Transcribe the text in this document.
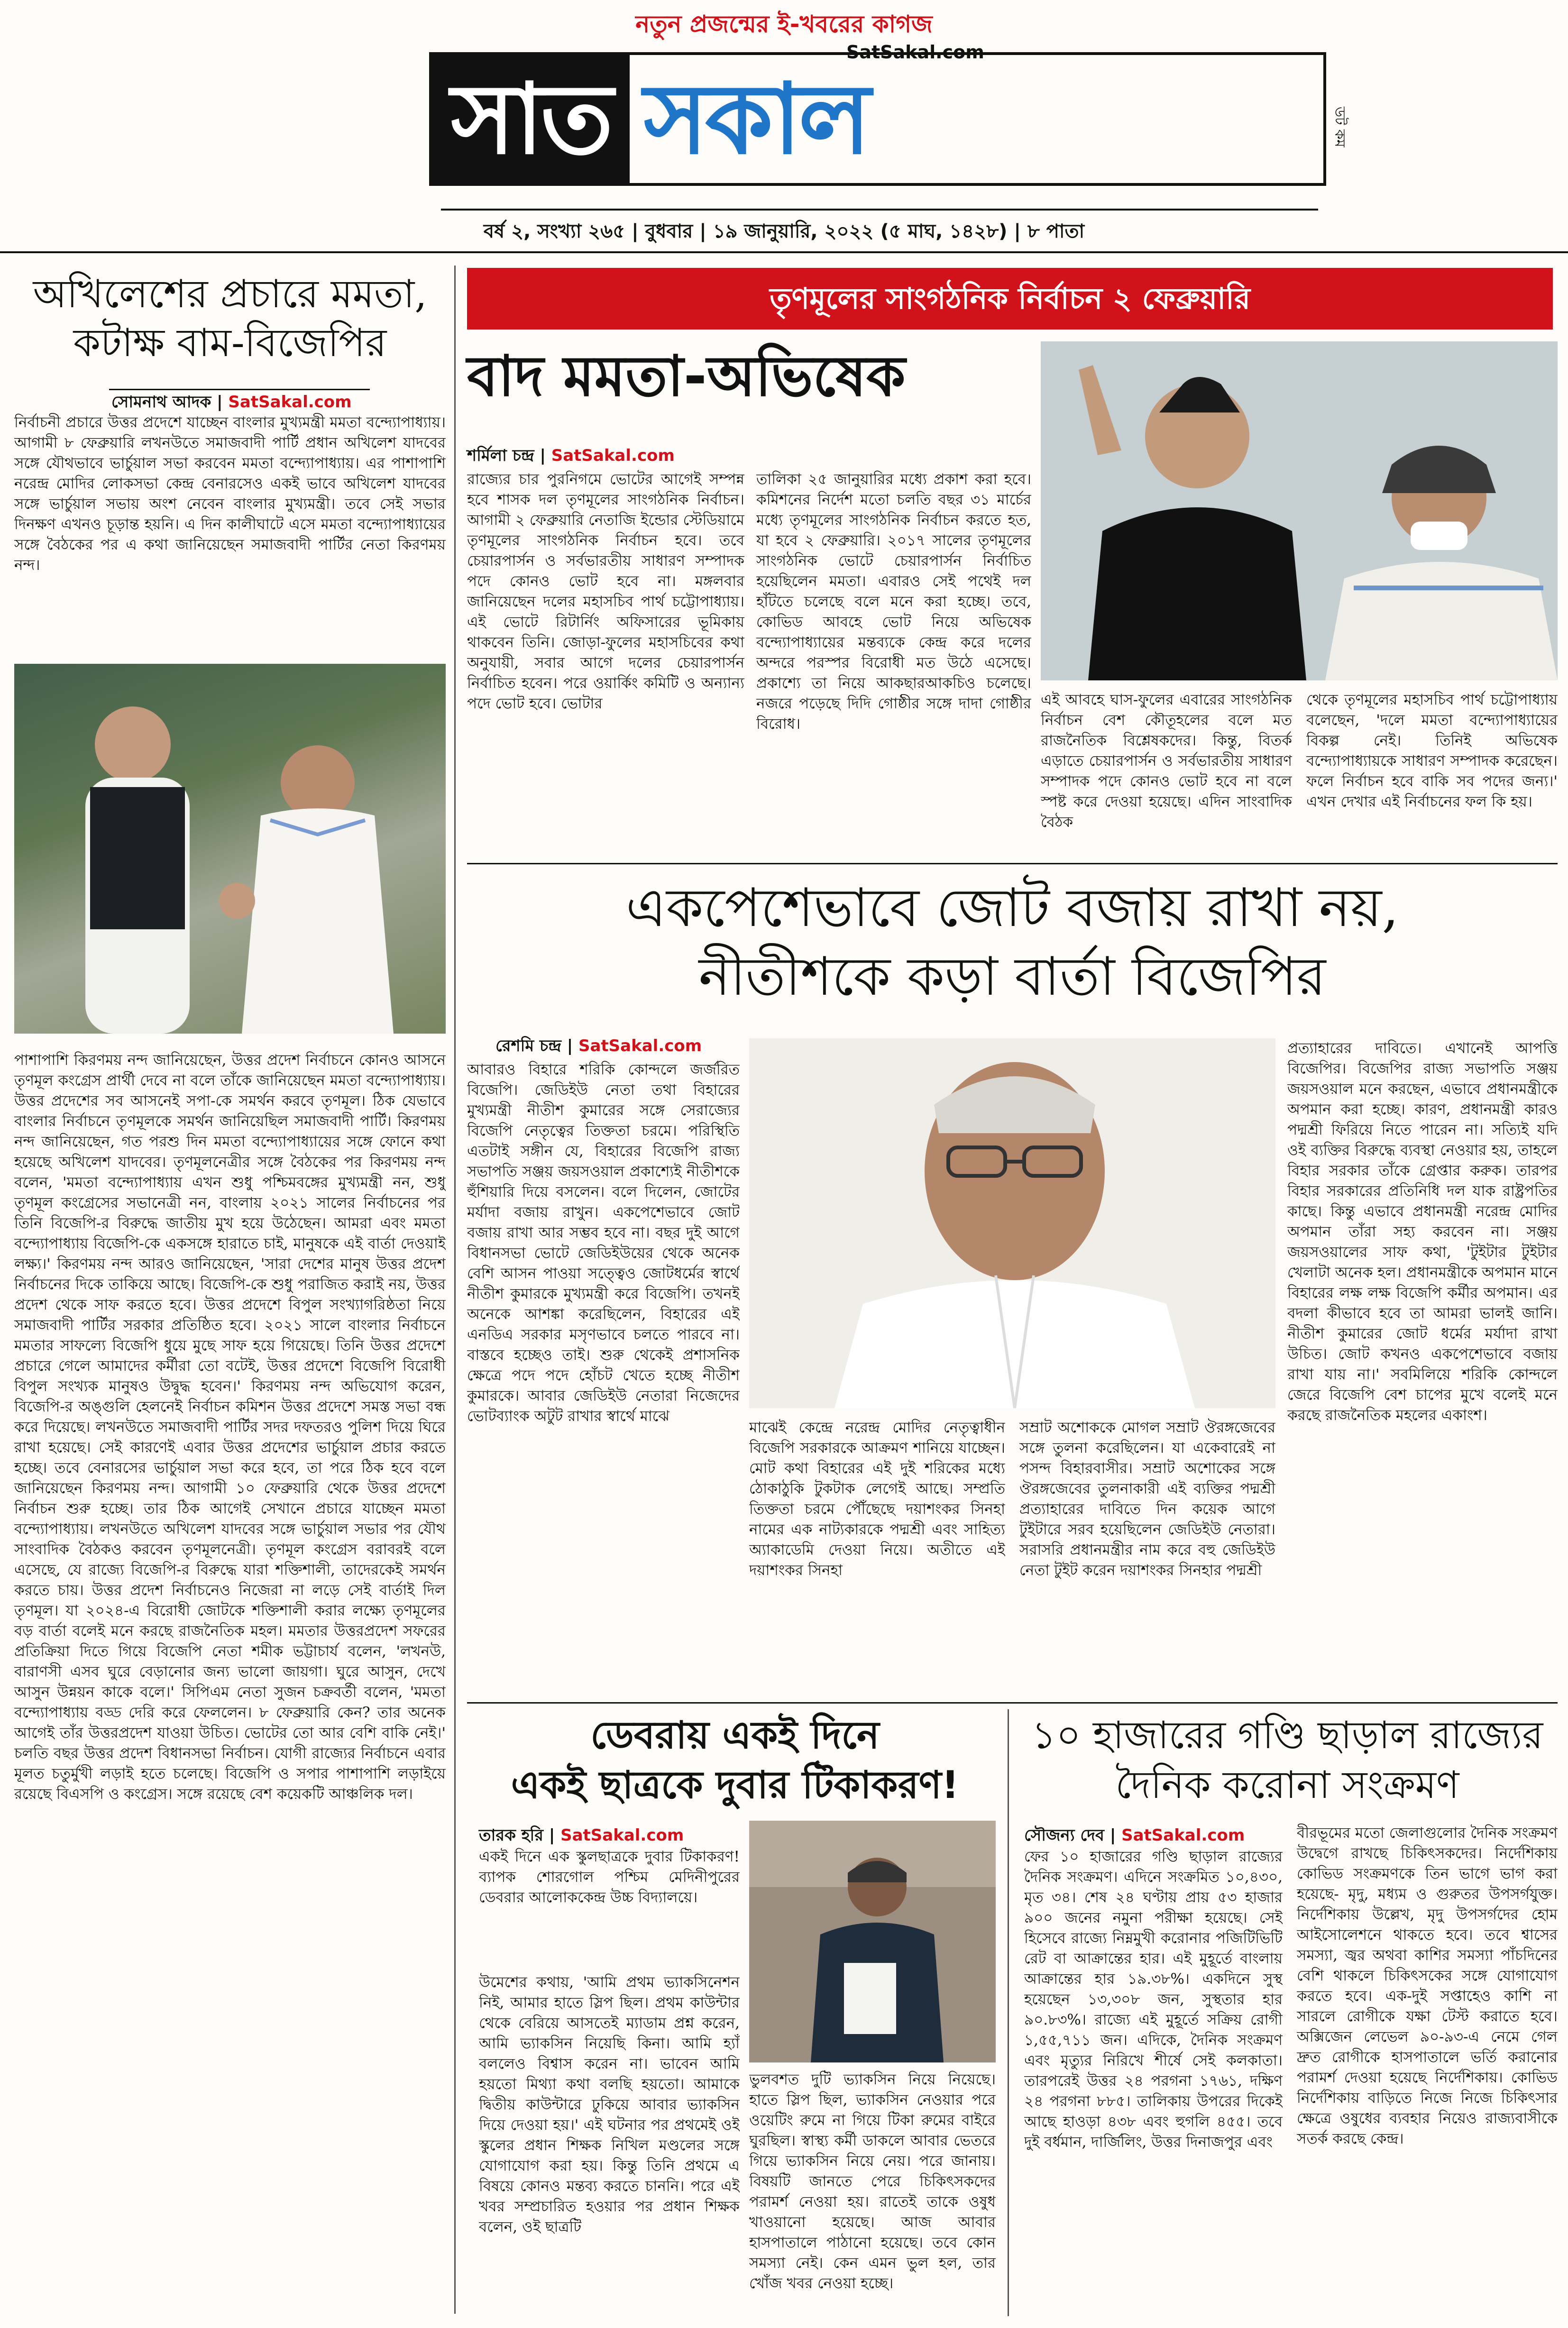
নতুন প্রজন্মের ই-খবরের কাগজ
SatSakal.com
সাত সকাল	ডট কম
বর্ষ ২, সংখ্যা ২৬৫ | বুধবার | ১৯ জানুয়ারি, ২০২২ (৫ মাঘ, ১৪২৮) | ৮ পাতা
অখিলেশের প্রচারে মমতা, কটাক্ষ বাম-বিজেপির
সোমনাথ আদক | SatSakal.com
নির্বাচনী প্রচারে উত্তর প্রদেশে যাচ্ছেন বাংলার মুখ্যমন্ত্রী মমতা বন্দ্যোপাধ্যায়। আগামী ৮ ফেব্রুয়ারি লখনউতে সমাজবাদী পার্টি প্রধান অখিলেশ যাদবের সঙ্গে যৌথভাবে ভার্চুয়াল সভা করবেন মমতা বন্দ্যোপাধ্যায়। এর পাশাপাশি নরেন্দ্র মোদির লোকসভা কেন্দ্র বেনারসেও একই ভাবে অখিলেশ যাদবের সঙ্গে ভার্চুয়াল সভায় অংশ নেবেন বাংলার মুখ্যমন্ত্রী। তবে সেই সভার দিনক্ষণ এখনও চূড়ান্ত হয়নি। এ দিন কালীঘাটে এসে মমতা বন্দ্যোপাধ্যায়ের সঙ্গে বৈঠকের পর এ কথা জানিয়েছেন সমাজবাদী পার্টির নেতা কিরণময় নন্দ।
পাশাপাশি কিরণময় নন্দ জানিয়েছেন, উত্তর প্রদেশ নির্বাচনে কোনও আসনে তৃণমূল কংগ্রেস প্রার্থী দেবে না বলে তাঁকে জানিয়েছেন মমতা বন্দ্যোপাধ্যায়। উত্তর প্রদেশের সব আসনেই সপা-কে সমর্থন করবে তৃণমূল। ঠিক যেভাবে বাংলার নির্বাচনে তৃণমূলকে সমর্থন জানিয়েছিল সমাজবাদী পার্টি। কিরণময় নন্দ জানিয়েছেন, গত পরশু দিন মমতা বন্দ্যোপাধ্যায়ের সঙ্গে ফোনে কথা হয়েছে অখিলেশ যাদবের। তৃণমূলনেত্রীর সঙ্গে বৈঠকের পর কিরণময় নন্দ বলেন, 'মমতা বন্দ্যোপাধ্যায় এখন শুধু পশ্চিমবঙ্গের মুখ্যমন্ত্রী নন, শুধু তৃণমূল কংগ্রেসের সভানেত্রী নন, বাংলায় ২০২১ সালের নির্বাচনের পর তিনি বিজেপি-র বিরুদ্ধে জাতীয় মুখ হয়ে উঠেছেন। আমরা এবং মমতা বন্দ্যোপাধ্যায় বিজেপি-কে একসঙ্গে হারাতে চাই, মানুষকে এই বার্তা দেওয়াই লক্ষ্য।' কিরণময় নন্দ আরও জানিয়েছেন, 'সারা দেশের মানুষ উত্তর প্রদেশ নির্বাচনের দিকে তাকিয়ে আছে। বিজেপি-কে শুধু পরাজিত করাই নয়, উত্তর প্রদেশ থেকে সাফ করতে হবে। উত্তর প্রদেশে বিপুল সংখ্যাগরিষ্ঠতা নিয়ে সমাজবাদী পার্টির সরকার প্রতিষ্ঠিত হবে। ২০২১ সালে বাংলার নির্বাচনে মমতার সাফল্যে বিজেপি ধুয়ে মুছে সাফ হয়ে গিয়েছে। তিনি উত্তর প্রদেশে প্রচারে গেলে আমাদের কর্মীরা তো বটেই, উত্তর প্রদেশে বিজেপি বিরোধী বিপুল সংখ্যক মানুষও উদ্বুদ্ধ হবেন।' কিরণময় নন্দ অভিযোগ করেন, বিজেপি-র অঙ্গুলি হেলনেই নির্বাচন কমিশন উত্তর প্রদেশে সমস্ত সভা বন্ধ করে দিয়েছে। লখনউতে সমাজবাদী পার্টির সদর দফতরও পুলিশ দিয়ে ঘিরে রাখা হয়েছে। সেই কারণেই এবার উত্তর প্রদেশের ভার্চুয়াল প্রচার করতে হচ্ছে। তবে বেনারসের ভার্চুয়াল সভা করে হবে, তা পরে ঠিক হবে বলে জানিয়েছেন কিরণময় নন্দ। আগামী ১০ ফেব্রুয়ারি থেকে উত্তর প্রদেশে নির্বাচন শুরু হচ্ছে। তার ঠিক আগেই সেখানে প্রচারে যাচ্ছেন মমতা বন্দ্যোপাধ্যায়। লখনউতে অখিলেশ যাদবের সঙ্গে ভার্চুয়াল সভার পর যৌথ সাংবাদিক বৈঠকও করবেন তৃণমূলনেত্রী। তৃণমূল কংগ্রেস বরাবরই বলে এসেছে, যে রাজ্যে বিজেপি-র বিরুদ্ধে যারা শক্তিশালী, তাদেরকেই সমর্থন করতে চায়। উত্তর প্রদেশ নির্বাচনেও নিজেরা না লড়ে সেই বার্তাই দিল তৃণমূল। যা ২০২৪-এ বিরোধী জোটকে শক্তিশালী করার লক্ষ্যে তৃণমূলের বড় বার্তা বলেই মনে করছে রাজনৈতিক মহল। মমতার উত্তরপ্রদেশ সফরের প্রতিক্রিয়া দিতে গিয়ে বিজেপি নেতা শমীক ভট্টাচার্য বলেন, 'লখনউ, বারাণসী এসব ঘুরে বেড়ানোর জন্য ভালো জায়গা। ঘুরে আসুন, দেখে আসুন উন্নয়ন কাকে বলে।' সিপিএম নেতা সুজন চক্রবর্তী বলেন, 'মমতা বন্দ্যোপাধ্যায় বড্ড দেরি করে ফেললেন। ৮ ফেব্রুয়ারি কেন? তার অনেক আগেই তাঁর উত্তরপ্রদেশ যাওয়া উচিত। ভোটের তো আর বেশি বাকি নেই।' চলতি বছর উত্তর প্রদেশ বিধানসভা নির্বাচন। যোগী রাজ্যের নির্বাচনে এবার মূলত চতুর্মুখী লড়াই হতে চলেছে। বিজেপি ও সপার পাশাপাশি লড়াইয়ে রয়েছে বিএসপি ও কংগ্রেস। সঙ্গে রয়েছে বেশ কয়েকটি আঞ্চলিক দল।
তৃণমূলের সাংগঠনিক নির্বাচন ২ ফেব্রুয়ারি
বাদ মমতা-অভিষেক
শর্মিলা চন্দ্র | SatSakal.com
রাজ্যের চার পুরনিগমে ভোটের আগেই সম্পন্ন হবে শাসক দল তৃণমূলের সাংগঠনিক নির্বাচন। আগামী ২ ফেব্রুয়ারি নেতাজি ইন্ডোর স্টেডিয়ামে তৃণমূলের সাংগঠনিক নির্বাচন হবে। তবে চেয়ারপার্সন ও সর্বভারতীয় সাধারণ সম্পাদক পদে কোনও ভোট হবে না। মঙ্গলবার জানিয়েছেন দলের মহাসচিব পার্থ চট্টোপাধ্যায়। এই ভোটে রিটার্নিং অফিসারের ভূমিকায় থাকবেন তিনি। জোড়া-ফুলের মহাসচিবের কথা অনুযায়ী, সবার আগে দলের চেয়ারপার্সন নির্বাচিত হবেন। পরে ওয়ার্কিং কমিটি ও অন্যান্য পদে ভোট হবে। ভোটার
তালিকা ২৫ জানুয়ারির মধ্যে প্রকাশ করা হবে। কমিশনের নির্দেশ মতো চলতি বছর ৩১ মার্চের মধ্যে তৃণমূলের সাংগঠনিক নির্বাচন করতে হত, যা হবে ২ ফেব্রুয়ারি। ২০১৭ সালের তৃণমূলের সাংগঠনিক ভোটে চেয়ারপার্সন নির্বাচিত হয়েছিলেন মমতা। এবারও সেই পথেই দল হাঁটতে চলেছে বলে মনে করা হচ্ছে। তবে, কোভিড আবহে ভোট নিয়ে অভিষেক বন্দ্যোপাধ্যায়ের মন্তব্যকে কেন্দ্র করে দলের অন্দরে পরস্পর বিরোধী মত উঠে এসেছে। প্রকাশ্যে তা নিয়ে আকছারআকচিও চলেছে। নজরে পড়েছে দিদি গোষ্ঠীর সঙ্গে দাদা গোষ্ঠীর বিরোধ।
এই আবহে ঘাস-ফুলের এবারের সাংগঠনিক নির্বাচন বেশ কৌতূহলের বলে মত রাজনৈতিক বিশ্লেষকদের। কিন্তু, বিতর্ক এড়াতে চেয়ারপার্সন ও সর্বভারতীয় সাধারণ সম্পাদক পদে কোনও ভোট হবে না বলে স্পষ্ট করে দেওয়া হয়েছে। এদিন সাংবাদিক বৈঠক
থেকে তৃণমূলের মহাসচিব পার্থ চট্টোপাধ্যায় বলেছেন, 'দলে মমতা বন্দ্যোপাধ্যায়ের বিকল্প নেই। তিনিই অভিষেক বন্দ্যোপাধ্যায়কে সাধারণ সম্পাদক করেছেন। ফলে নির্বাচন হবে বাকি সব পদের জন্য।' এখন দেখার এই নির্বাচনের ফল কি হয়।
একপেশেভাবে জোট বজায় রাখা নয়,
নীতীশকে কড়া বার্তা বিজেপির
রেশমি চন্দ্র | SatSakal.com
আবারও বিহারে শরিকি কোন্দলে জর্জরিত বিজেপি। জেডিইউ নেতা তথা বিহারের মুখ্যমন্ত্রী নীতীশ কুমারের সঙ্গে সেরাজ্যের বিজেপি নেতৃত্বের তিক্ততা চরমে। পরিস্থিতি এতটাই সঙ্গীন যে, বিহারের বিজেপি রাজ্য সভাপতি সঞ্জয় জয়সওয়াল প্রকাশ্যেই নীতীশকে হুঁশিয়ারি দিয়ে বসলেন। বলে দিলেন, জোটের মর্যাদা বজায় রাখুন। একপেশেভাবে জোট বজায় রাখা আর সম্ভব হবে না। বছর দুই আগে বিধানসভা ভোটে জেডিইউয়ের থেকে অনেক বেশি আসন পাওয়া সত্ত্বেও জোটধর্মের স্বার্থে নীতীশ কুমারকে মুখ্যমন্ত্রী করে বিজেপি। তখনই অনেকে আশঙ্কা করেছিলেন, বিহারের এই এনডিএ সরকার মসৃণভাবে চলতে পারবে না। বাস্তবে হচ্ছেও তাই। শুরু থেকেই প্রশাসনিক ক্ষেত্রে পদে পদে হোঁচট খেতে হচ্ছে নীতীশ কুমারকে। আবার জেডিইউ নেতারা নিজেদের ভোটব্যাংক অটুট রাখার স্বার্থে মাঝে
মাঝেই কেন্দ্রে নরেন্দ্র মোদির নেতৃত্বাধীন বিজেপি সরকারকে আক্রমণ শানিয়ে যাচ্ছেন। মোট কথা বিহারের এই দুই শরিকের মধ্যে ঠোকাঠুকি টুকটাক লেগেই আছে। সম্প্রতি তিক্ততা চরমে পৌঁছেছে দয়াশংকর সিনহা নামের এক নাট্যকারকে পদ্মশ্রী এবং সাহিত্য অ্যাকাডেমি দেওয়া নিয়ে। অতীতে এই দয়াশংকর সিনহা
সম্রাট অশোককে মোগল সম্রাট ঔরঙ্গজেবের সঙ্গে তুলনা করেছিলেন। যা একেবারেই না পসন্দ বিহারবাসীর। সম্রাট অশোকের সঙ্গে ঔরঙ্গজেবের তুলনাকারী এই ব্যক্তির পদ্মশ্রী প্রত্যাহারের দাবিতে দিন কয়েক আগে টুইটারে সরব হয়েছিলেন জেডিইউ নেতারা। সরাসরি প্রধানমন্ত্রীর নাম করে বহু জেডিইউ নেতা টুইট করেন দয়াশংকর সিনহার পদ্মশ্রী
প্রত্যাহারের দাবিতে। এখানেই আপত্তি বিজেপির। বিজেপির রাজ্য সভাপতি সঞ্জয় জয়সওয়াল মনে করছেন, এভাবে প্রধানমন্ত্রীকে অপমান করা হচ্ছে। কারণ, প্রধানমন্ত্রী কারও পদ্মশ্রী ফিরিয়ে নিতে পারেন না। সত্যিই যদি ওই ব্যক্তির বিরুদ্ধে ব্যবস্থা নেওয়ার হয়, তাহলে বিহার সরকার তাঁকে গ্রেপ্তার করুক। তারপর বিহার সরকারের প্রতিনিধি দল যাক রাষ্ট্রপতির কাছে। কিন্তু এভাবে প্রধানমন্ত্রী নরেন্দ্র মোদির অপমান তাঁরা সহ্য করবেন না। সঞ্জয় জয়সওয়ালের সাফ কথা, 'টুইটার টুইটার খেলাটা অনেক হল। প্রধানমন্ত্রীকে অপমান মানে বিহারের লক্ষ লক্ষ বিজেপি কর্মীর অপমান। এর বদলা কীভাবে হবে তা আমরা ভালই জানি। নীতীশ কুমারের জোট ধর্মের মর্যাদা রাখা উচিত। জোট কখনও একপেশেভাবে বজায় রাখা যায় না।' সবমিলিয়ে শরিকি কোন্দলে জেরে বিজেপি বেশ চাপের মুখে বলেই মনে করছে রাজনৈতিক মহলের একাংশ।
ডেবরায় একই দিনে
একই ছাত্রকে দুবার টিকাকরণ!
তারক হরি | SatSakal.com
একই দিনে এক স্কুলছাত্রকে দুবার টিকাকরণ! ব্যাপক শোরগোল পশ্চিম মেদিনীপুরের ডেবরার আলোককেন্দ্র উচ্চ বিদ্যালয়ে।
উমেশের কথায়, 'আমি প্রথম ভ্যাকসিনেশন নিই, আমার হাতে স্লিপ ছিল। প্রথম কাউন্টার থেকে বেরিয়ে আসতেই ম্যাডাম প্রশ্ন করেন, আমি ভ্যাকসিন নিয়েছি কিনা। আমি হ্যাঁ বললেও বিশ্বাস করেন না। ভাবেন আমি হয়তো মিথ্যা কথা বলছি হয়তো। আমাকে দ্বিতীয় কাউন্টারে ঢুকিয়ে আবার ভ্যাকসিন দিয়ে দেওয়া হয়।' এই ঘটনার পর প্রথমেই ওই স্কুলের প্রধান শিক্ষক নিখিল মণ্ডলের সঙ্গে যোগাযোগ করা হয়। কিন্তু তিনি প্রথমে এ বিষয়ে কোনও মন্তব্য করতে চাননি। পরে এই খবর সম্প্রচারিত হওয়ার পর প্রধান শিক্ষক বলেন, ওই ছাত্রটি
ভুলবশত দুটি ভ্যাকসিন নিয়ে নিয়েছে। হাতে স্লিপ ছিল, ভ্যাকসিন নেওয়ার পরে ওয়েটিং রুমে না গিয়ে টিকা রুমের বাইরে ঘুরছিল। স্বাস্থ্য কর্মী ডাকলে আবার ভেতরে গিয়ে ভ্যাকসিন নিয়ে নেয়। পরে জানায়। বিষয়টি জানতে পেরে চিকিৎসকদের পরামর্শ নেওয়া হয়। রাতেই তাকে ওষুধ খাওয়ানো হয়েছে। আজ আবার হাসপাতালে পাঠানো হয়েছে। তবে কোন সমস্যা নেই। কেন এমন ভুল হল, তার খোঁজ খবর নেওয়া হচ্ছে।
১০ হাজারের গণ্ডি ছাড়াল রাজ্যের
দৈনিক করোনা সংক্রমণ
সৌজন্য দেব | SatSakal.com
ফের ১০ হাজারের গণ্ডি ছাড়াল রাজ্যের দৈনিক সংক্রমণ। এদিনে সংক্রমিত ১০,৪৩০, মৃত ৩৪। শেষ ২৪ ঘণ্টায় প্রায় ৫৩ হাজার ৯০০ জনের নমুনা পরীক্ষা হয়েছে। সেই হিসেবে রাজ্যে নিম্নমুখী করোনার পজিটিভিটি রেট বা আক্রান্তের হার। এই মুহূর্তে বাংলায় আক্রান্তের হার ১৯.৩৮%। একদিনে সুস্থ হয়েছেন ১৩,৩০৮ জন, সুস্থতার হার ৯০.৮৩%। রাজ্যে এই মুহূর্তে সক্রিয় রোগী ১,৫৫,৭১১ জন। এদিকে, দৈনিক সংক্রমণ এবং মৃত্যুর নিরিখে শীর্ষে সেই কলকাতা। তারপরেই উত্তর ২৪ পরগনা ১৭৬১, দক্ষিণ ২৪ পরগনা ৮৮৫। তালিকায় উপরের দিকেই আছে হাওড়া ৪৩৮ এবং হুগলি ৪৫৫। তবে দুই বর্ধমান, দার্জিলিং, উত্তর দিনাজপুর এবং
বীরভূমের মতো জেলাগুলোর দৈনিক সংক্রমণ উদ্বেগে রাখছে চিকিৎসকদের। নির্দেশিকায় কোভিড সংক্রমণকে তিন ভাগে ভাগ করা হয়েছে- মৃদু, মধ্যম ও গুরুতর উপসর্গযুক্ত। নির্দেশিকায় উল্লেখ, মৃদু উপসর্গদের হোম আইসোলেশনে থাকতে হবে। তবে শ্বাসের সমস্যা, জ্বর অথবা কাশির সমস্যা পাঁচদিনের বেশি থাকলে চিকিৎসকের সঙ্গে যোগাযোগ করতে হবে। এক-দুই সপ্তাহেও কাশি না সারলে রোগীকে যক্ষা টেস্ট করাতে হবে। অক্সিজেন লেভেল ৯০-৯৩-এ নেমে গেল দ্রুত রোগীকে হাসপাতালে ভর্তি করানোর পরামর্শ দেওয়া হয়েছে নির্দেশিকায়। কোভিড নির্দেশিকায় বাড়িতে নিজে নিজে চিকিৎসার ক্ষেত্রে ওষুধের ব্যবহার নিয়েও রাজ্যবাসীকে সতর্ক করছে কেন্দ্র।
